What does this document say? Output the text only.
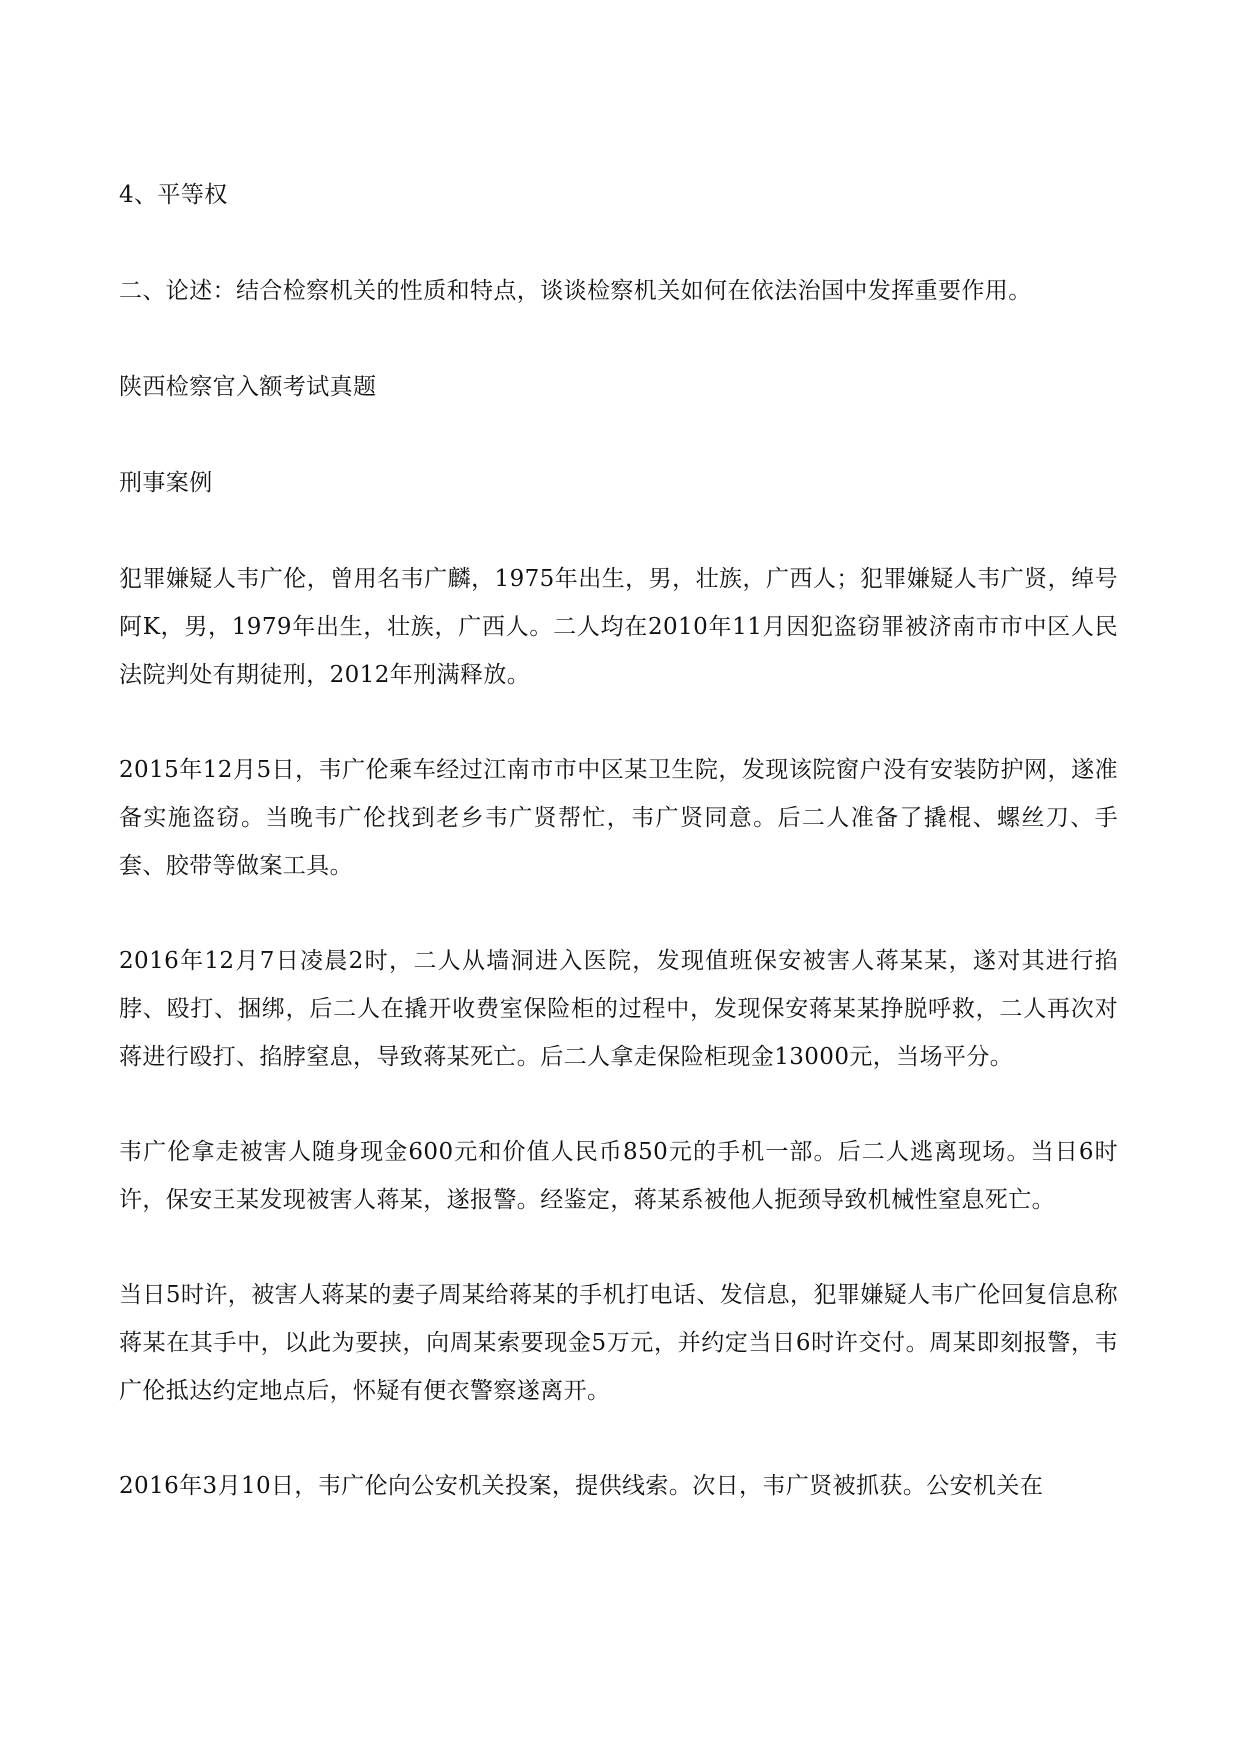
4、平等权

二、论述：结合检察机关的性质和特点，谈谈检察机关如何在依法治国中发挥重要作用。

陕西检察官入额考试真题

刑事案例

犯罪嫌疑人韦广伦，曾用名韦广麟，1975年出生，男，壮族，广西人；犯罪嫌疑人韦广贤，绰号阿K，男，1979年出生，壮族，广西人。二人均在2010年11月因犯盗窃罪被济南市市中区人民法院判处有期徒刑，2012年刑满释放。

2015年12月5日，韦广伦乘车经过江南市市中区某卫生院，发现该院窗户没有安装防护网，遂准备实施盗窃。当晚韦广伦找到老乡韦广贤帮忙，韦广贤同意。后二人准备了撬棍、螺丝刀、手套、胶带等做案工具。

2016年12月7日凌晨2时，二人从墙洞进入医院，发现值班保安被害人蒋某某，遂对其进行掐脖、殴打、捆绑，后二人在撬开收费室保险柜的过程中，发现保安蒋某某挣脱呼救，二人再次对蒋进行殴打、掐脖窒息，导致蒋某死亡。后二人拿走保险柜现金13000元，当场平分。

韦广伦拿走被害人随身现金600元和价值人民币850元的手机一部。后二人逃离现场。当日6时许，保安王某发现被害人蒋某，遂报警。经鉴定，蒋某系被他人扼颈导致机械性窒息死亡。

当日5时许，被害人蒋某的妻子周某给蒋某的手机打电话、发信息，犯罪嫌疑人韦广伦回复信息称蒋某在其手中，以此为要挟，向周某索要现金5万元，并约定当日6时许交付。周某即刻报警，韦广伦抵达约定地点后，怀疑有便衣警察遂离开。

2016年3月10日，韦广伦向公安机关投案，提供线索。次日，韦广贤被抓获。公安机关在
